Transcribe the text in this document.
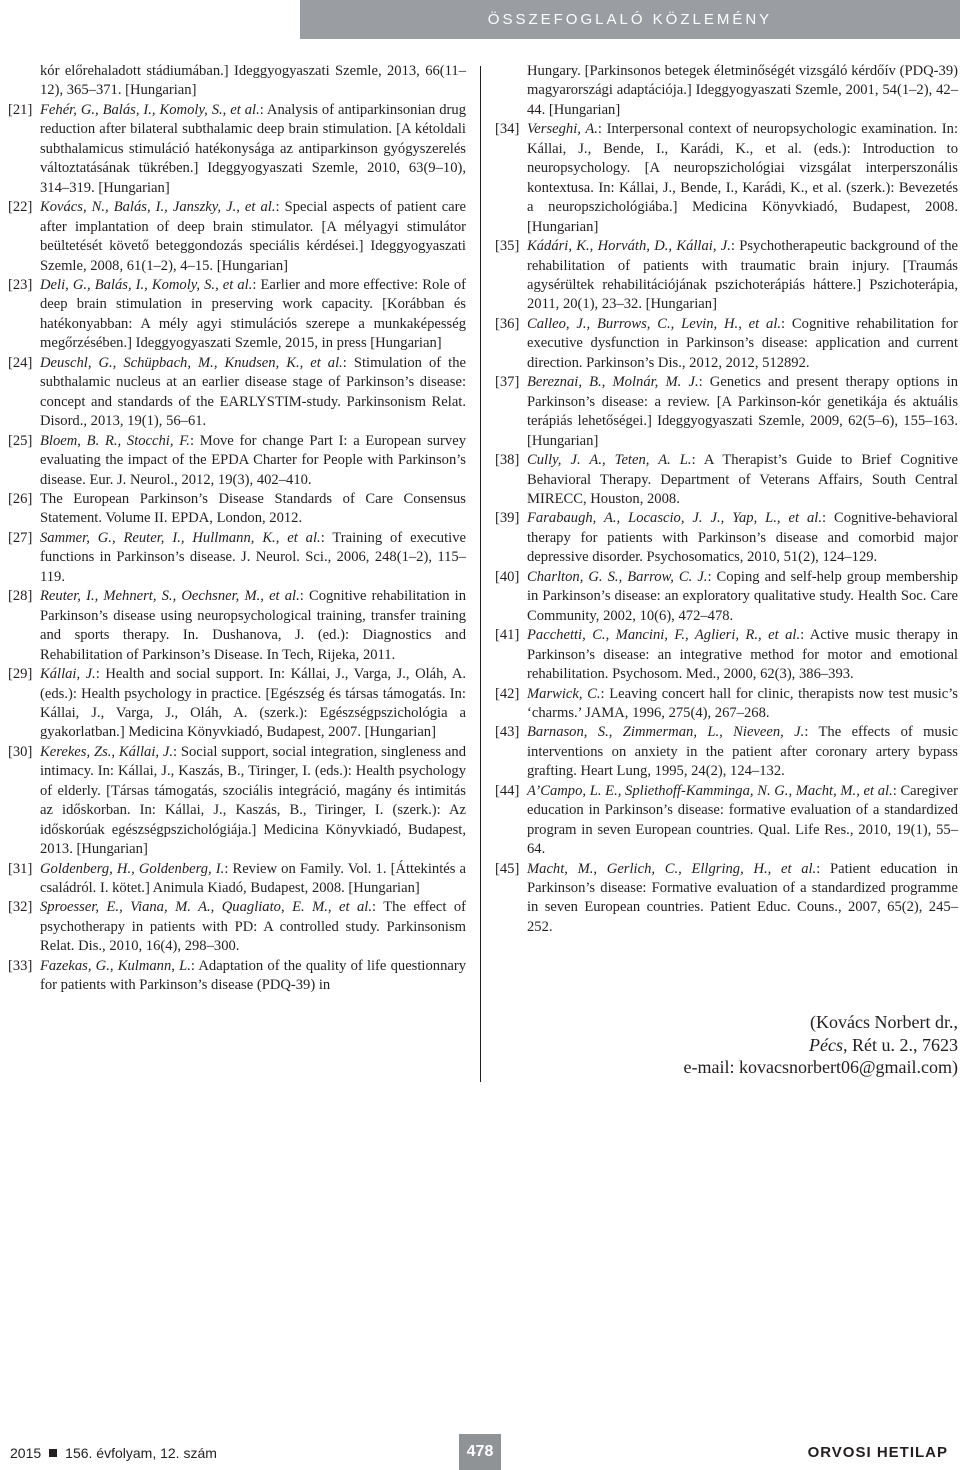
ÖSSZEFOGLALÓ KÖZLEMÉNY
kór előrehaladott stádiumában.] Ideggyogyaszati Szemle, 2013, 66(11–12), 365–371. [Hungarian]
[21] Fehér, G., Balás, I., Komoly, S., et al.: Analysis of antiparkinsonian drug reduction after bilateral subthalamic deep brain stimulation. [A kétoldali subthalamicus stimuláció hatékonysága az antiparkinson gyógyszerelés változtatásának tükrében.] Ideggyogyaszati Szemle, 2010, 63(9–10), 314–319. [Hungarian]
[22] Kovács, N., Balás, I., Janszky, J., et al.: Special aspects of patient care after implantation of deep brain stimulator. [A mélyagyi stimulátor beültetését követő beteggondozás speciális kérdései.] Ideggyogyaszati Szemle, 2008, 61(1–2), 4–15. [Hungarian]
[23] Deli, G., Balás, I., Komoly, S., et al.: Earlier and more effective: Role of deep brain stimulation in preserving work capacity. [Korábban és hatékonyabban: A mély agyi stimulációs szerepe a munkaképesség megőrzésében.] Ideggyogyaszati Szemle, 2015, in press [Hungarian]
[24] Deuschl, G., Schüpbach, M., Knudsen, K., et al.: Stimulation of the subthalamic nucleus at an earlier disease stage of Parkinson’s disease: concept and standards of the EARLYSTIM-study. Parkinsonism Relat. Disord., 2013, 19(1), 56–61.
[25] Bloem, B. R., Stocchi, F.: Move for change Part I: a European survey evaluating the impact of the EPDA Charter for People with Parkinson’s disease. Eur. J. Neurol., 2012, 19(3), 402–410.
[26] The European Parkinson’s Disease Standards of Care Consensus Statement. Volume II. EPDA, London, 2012.
[27] Sammer, G., Reuter, I., Hullmann, K., et al.: Training of executive functions in Parkinson’s disease. J. Neurol. Sci., 2006, 248(1–2), 115–119.
[28] Reuter, I., Mehnert, S., Oechsner, M., et al.: Cognitive rehabilitation in Parkinson’s disease using neuropsychological training, transfer training and sports therapy. In. Dushanova, J. (ed.): Diagnostics and Rehabilitation of Parkinson’s Disease. In Tech, Rijeka, 2011.
[29] Kállai, J.: Health and social support. In: Kállai, J., Varga, J., Oláh, A. (eds.): Health psychology in practice. [Egészség és társas támogatás. In: Kállai, J., Varga, J., Oláh, A. (szerk.): Egészségpszichológia a gyakorlatban.] Medicina Könyvkiadó, Budapest, 2007. [Hungarian]
[30] Kerekes, Zs., Kállai, J.: Social support, social integration, singleness and intimacy. In: Kállai, J., Kaszás, B., Tiringer, I. (eds.): Health psychology of elderly. [Társas támogatás, szociális integráció, magány és intimitás az időskorban. In: Kállai, J., Kaszás, B., Tiringer, I. (szerk.): Az időskorúak egészségpszichológiája.] Medicina Könyvkiadó, Budapest, 2013. [Hungarian]
[31] Goldenberg, H., Goldenberg, I.: Review on Family. Vol. 1. [Áttekintés a családról. I. kötet.] Animula Kiadó, Budapest, 2008. [Hungarian]
[32] Sproesser, E., Viana, M. A., Quagliato, E. M., et al.: The effect of psychotherapy in patients with PD: A controlled study. Parkinsonism Relat. Dis., 2010, 16(4), 298–300.
[33] Fazekas, G., Kulmann, L.: Adaptation of the quality of life questionnary for patients with Parkinson’s disease (PDQ-39) in
Hungary. [Parkinsonos betegek életminőségét vizsgáló kérdőív (PDQ-39) magyarországi adaptációja.] Ideggyogyaszati Szemle, 2001, 54(1–2), 42–44. [Hungarian]
[34] Verseghi, A.: Interpersonal context of neuropsychologic examination. In: Kállai, J., Bende, I., Karádi, K., et al. (eds.): Introduction to neuropsychology. [A neuropszichológiai vizsgálat interperszonális kontextusa. In: Kállai, J., Bende, I., Karádi, K., et al. (szerk.): Bevezetés a neuropszichológiába.] Medicina Könyvkiadó, Budapest, 2008. [Hungarian]
[35] Kádári, K., Horváth, D., Kállai, J.: Psychotherapeutic background of the rehabilitation of patients with traumatic brain injury. [Traumás agysérültek rehabilitációjának pszichoterápiás háttere.] Pszichoterápia, 2011, 20(1), 23–32. [Hungarian]
[36] Calleo, J., Burrows, C., Levin, H., et al.: Cognitive rehabilitation for executive dysfunction in Parkinson’s disease: application and current direction. Parkinson’s Dis., 2012, 2012, 512892.
[37] Bereznai, B., Molnár, M. J.: Genetics and present therapy options in Parkinson’s disease: a review. [A Parkinson-kór genetikája és aktuális terápiás lehetőségei.] Ideggyogyaszati Szemle, 2009, 62(5–6), 155–163. [Hungarian]
[38] Cully, J. A., Teten, A. L.: A Therapist’s Guide to Brief Cognitive Behavioral Therapy. Department of Veterans Affairs, South Central MIRECC, Houston, 2008.
[39] Farabaugh, A., Locascio, J. J., Yap, L., et al.: Cognitive-behavioral therapy for patients with Parkinson’s disease and comorbid major depressive disorder. Psychosomatics, 2010, 51(2), 124–129.
[40] Charlton, G. S., Barrow, C. J.: Coping and self-help group membership in Parkinson’s disease: an exploratory qualitative study. Health Soc. Care Community, 2002, 10(6), 472–478.
[41] Pacchetti, C., Mancini, F., Aglieri, R., et al.: Active music therapy in Parkinson’s disease: an integrative method for motor and emotional rehabilitation. Psychosom. Med., 2000, 62(3), 386–393.
[42] Marwick, C.: Leaving concert hall for clinic, therapists now test music’s ‘charms.’ JAMA, 1996, 275(4), 267–268.
[43] Barnason, S., Zimmerman, L., Nieveen, J.: The effects of music interventions on anxiety in the patient after coronary artery bypass grafting. Heart Lung, 1995, 24(2), 124–132.
[44] A’Campo, L. E., Spliethoff-Kamminga, N. G., Macht, M., et al.: Caregiver education in Parkinson’s disease: formative evaluation of a standardized program in seven European countries. Qual. Life Res., 2010, 19(1), 55–64.
[45] Macht, M., Gerlich, C., Ellgring, H., et al.: Patient education in Parkinson’s disease: Formative evaluation of a standardized programme in seven European countries. Patient Educ. Couns., 2007, 65(2), 245–252.
(Kovács Norbert dr.,
Pécs, Rét u. 2., 7623
e-mail: kovacsnorbert06@gmail.com)
2015 156. évfolyam, 12. szám	478	ORVOSI HETILAP
